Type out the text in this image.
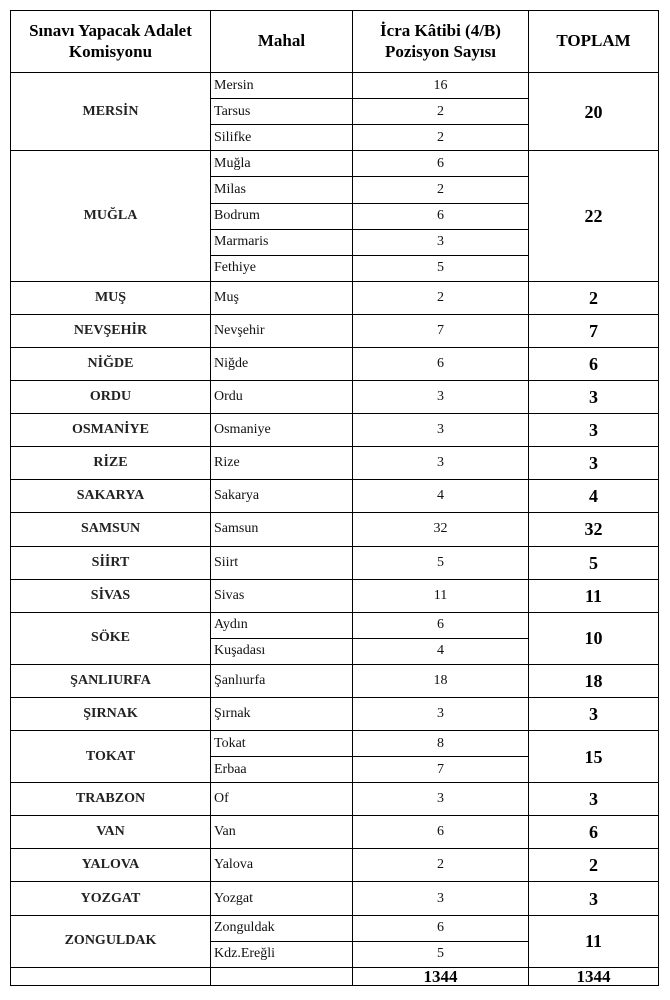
Sınavı Yapacak Adalet Komisyonu	Mahal	İcra Kâtibi (4/B) Pozisyon Sayısı	TOPLAM
MERSİN	Mersin	16	20
	Tarsus	2	
	Silifke	2	
MUĞLA	Muğla	6	22
	Milas	2	
	Bodrum	6	
	Marmaris	3	
	Fethiye	5	
MUŞ	Muş	2	2
NEVŞEHİR	Nevşehir	7	7
NİĞDE	Niğde	6	6
ORDU	Ordu	3	3
OSMANİYE	Osmaniye	3	3
RİZE	Rize	3	3
SAKARYA	Sakarya	4	4
SAMSUN	Samsun	32	32
SİİRT	Siirt	5	5
SİVAS	Sivas	11	11
SÖKE	Aydın	6	10
	Kuşadası	4	
ŞANLIURFA	Şanlıurfa	18	18
ŞIRNAK	Şırnak	3	3
TOKAT	Tokat	8	15
	Erbaa	7	
TRABZON	Of	3	3
VAN	Van	6	6
YALOVA	Yalova	2	2
YOZGAT	Yozgat	3	3
ZONGULDAK	Zonguldak	6	11
	Kdz.Ereğli	5	
		1344	1344
